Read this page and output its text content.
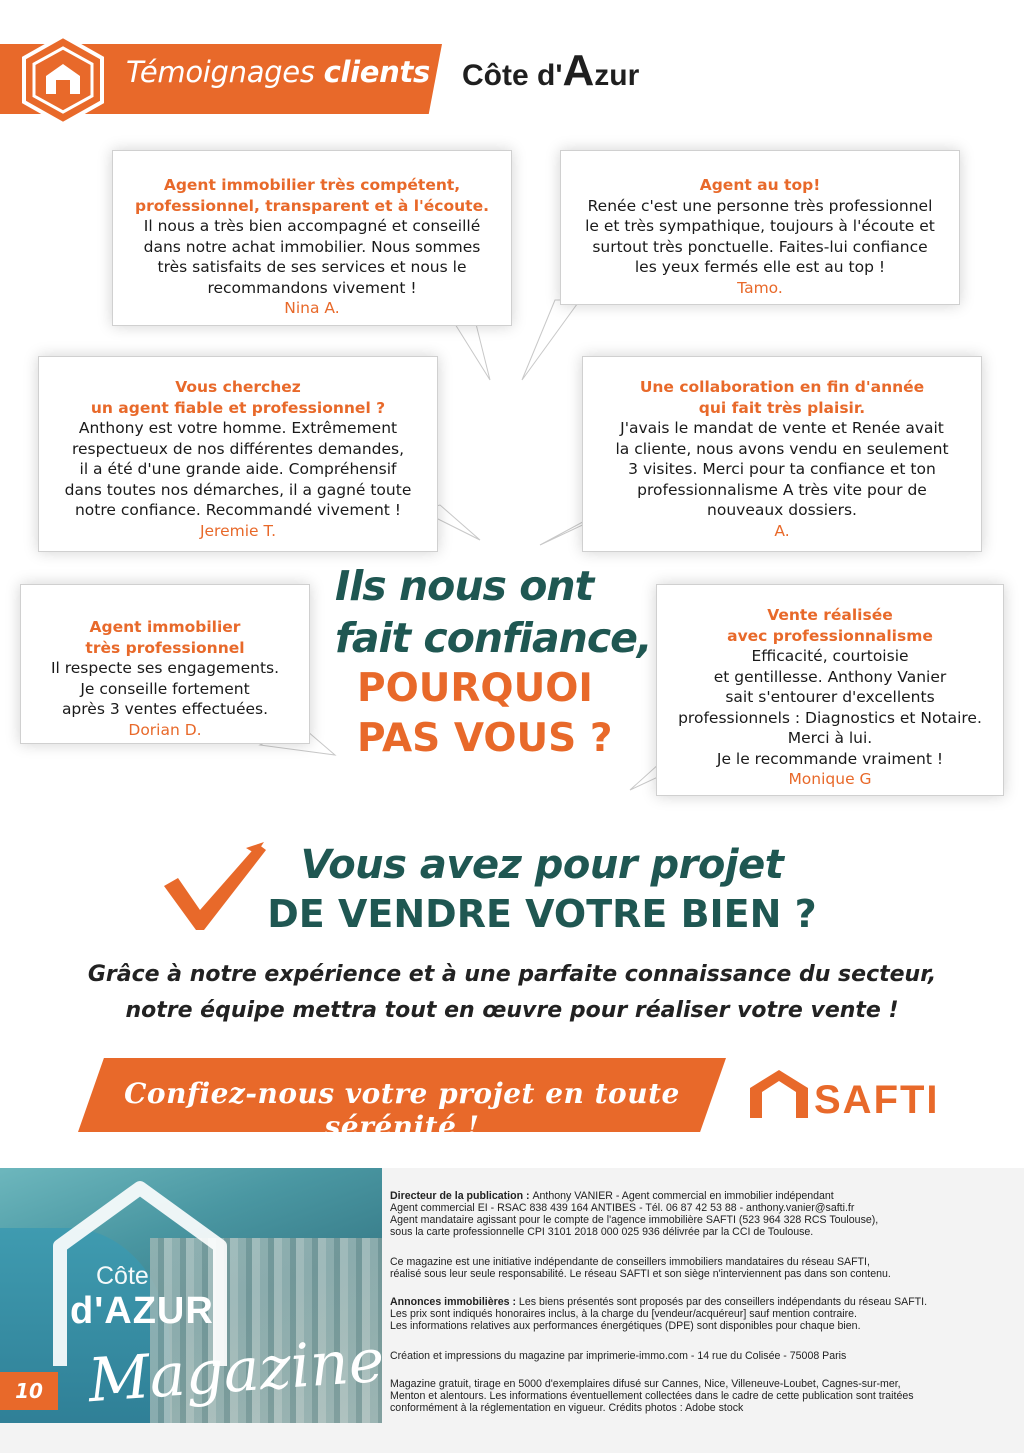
Témoignages clients Côte d'Azur
Agent immobilier très compétent,
professionnel, transparent et à l'écoute.
Il nous a très bien accompagné et conseillé
dans notre achat immobilier. Nous sommes
très satisfaits de ses services et nous le
recommandons vivement !
Nina A.
Agent au top!
Renée c'est une personne très professionnel
le et très sympathique, toujours à l'écoute et
surtout très ponctuelle. Faites-lui confiance
les yeux fermés elle est au top !
Tamo.
Vous cherchez
un agent fiable et professionnel ?
Anthony est votre homme. Extrêmement
respectueux de nos différentes demandes,
il a été d'une grande aide. Compréhensif
dans toutes nos démarches, il a gagné toute
notre confiance. Recommandé vivement !
Jeremie T.
Une collaboration en fin d'année
qui fait très plaisir.
J'avais le mandat de vente et Renée avait
la cliente, nous avons vendu en seulement
3 visites. Merci pour ta confiance et ton
professionnalisme A très vite pour de
nouveaux dossiers.
A.
Agent immobilier
très professionnel
Il respecte ses engagements.
Je conseille fortement
après 3 ventes effectuées.
Dorian D.
Vente réalisée
avec professionnalisme
Efficacité, courtoisie
et gentillesse. Anthony Vanier
sait s'entourer d'excellents
professionnels : Diagnostics et Notaire.
Merci à lui.
Je le recommande vraiment !
Monique G
Ils nous ont
fait confiance,
POURQUOI
PAS VOUS ?
Vous avez pour projet
DE VENDRE VOTRE BIEN ?
Grâce à notre expérience et à une parfaite connaissance du secteur,
notre équipe mettra tout en œuvre pour réaliser votre vente !
Confiez-nous votre projet en toute sérénité !
SAFTI
Côte
d'AZUR
Magazine
10
Directeur de la publication : Anthony VANIER - Agent commercial en immobilier indépendant
Agent commercial EI - RSAC 838 439 164 ANTIBES - Tél. 06 87 42 53 88 - anthony.vanier@safti.fr
Agent mandataire agissant pour le compte de l'agence immobilière SAFTI (523 964 328 RCS Toulouse),
sous la carte professionnelle CPI 3101 2018 000 025 936 délivrée par la CCI de Toulouse.
Ce magazine est une initiative indépendante de conseillers immobiliers mandataires du réseau SAFTI,
réalisé sous leur seule responsabilité. Le réseau SAFTI et son siège n'interviennent pas dans son contenu.
Annonces immobilières : Les biens présentés sont proposés par des conseillers indépendants du réseau SAFTI.
Les prix sont indiqués honoraires inclus, à la charge du [vendeur/acquéreur] sauf mention contraire.
Les informations relatives aux performances énergétiques (DPE) sont disponibles pour chaque bien.
Création et impressions du magazine par imprimerie-immo.com - 14 rue du Colisée - 75008 Paris
Magazine gratuit, tirage en 5000 d'exemplaires difusé sur Cannes, Nice, Villeneuve-Loubet, Cagnes-sur-mer,
Menton et alentours. Les informations éventuellement collectées dans le cadre de cette publication sont traitées
conformément à la réglementation en vigueur. Crédits photos : Adobe stock
